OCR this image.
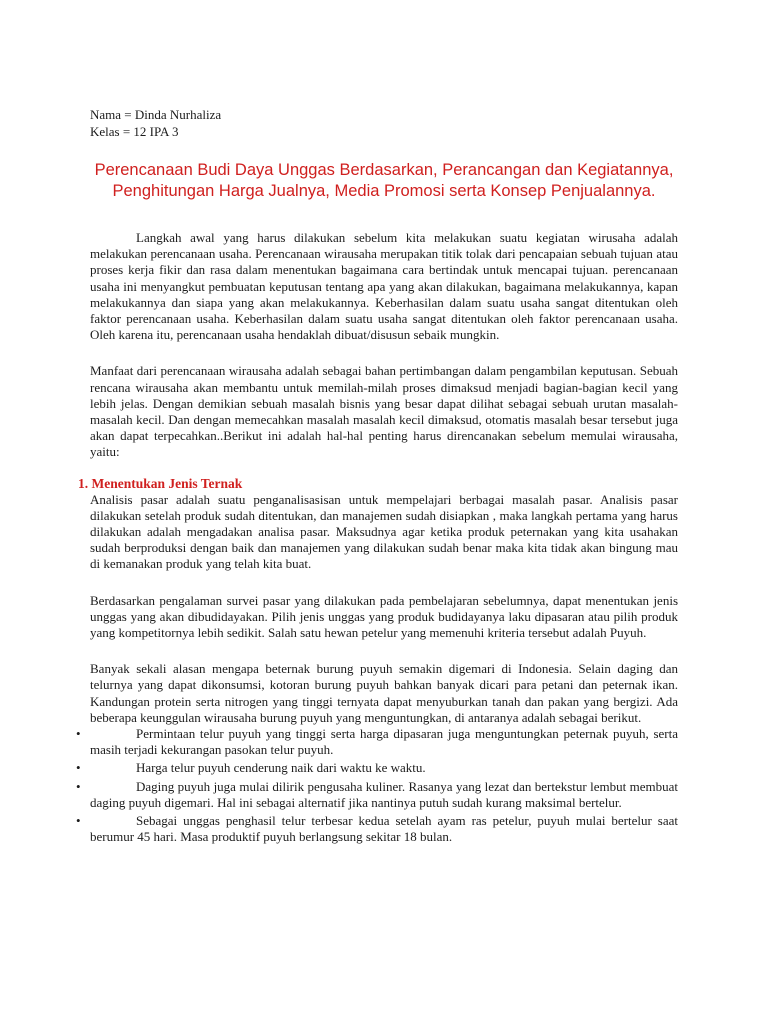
Nama = Dinda Nurhaliza

Kelas = 12 IPA 3

Perencanaan Budi Daya Unggas Berdasarkan, Perancangan dan Kegiatannya, Penghitungan Harga Jualnya, Media Promosi serta Konsep Penjualannya.

Langkah awal yang harus dilakukan sebelum kita melakukan suatu kegiatan wirusaha adalah melakukan perencanaan usaha. Perencanaan wirausaha merupakan titik tolak dari pencapaian sebuah tujuan atau proses kerja fikir dan rasa dalam menentukan bagaimana cara bertindak untuk mencapai tujuan. perencanaan usaha ini menyangkut pembuatan keputusan tentang apa yang akan dilakukan, bagaimana melakukannya, kapan melakukannya dan siapa yang akan melakukannya. Keberhasilan dalam suatu usaha sangat ditentukan oleh faktor perencanaan usaha. Keberhasilan dalam suatu usaha sangat ditentukan oleh faktor perencanaan usaha. Oleh karena itu, perencanaan usaha hendaklah dibuat/disusun sebaik mungkin.

Manfaat dari perencanaan wirausaha adalah sebagai bahan pertimbangan dalam pengambilan keputusan. Sebuah rencana wirausaha akan membantu untuk memilah-milah proses dimaksud menjadi bagian-bagian kecil yang lebih jelas. Dengan demikian sebuah masalah bisnis yang besar dapat dilihat sebagai sebuah urutan masalah-masalah kecil. Dan dengan memecahkan masalah masalah kecil dimaksud, otomatis masalah besar tersebut juga akan dapat terpecahkan..Berikut ini adalah hal-hal penting harus direncanakan sebelum memulai wirausaha, yaitu:

1. Menentukan Jenis Ternak

Analisis pasar adalah suatu penganalisasisan untuk mempelajari berbagai masalah pasar. Analisis pasar dilakukan setelah produk sudah ditentukan, dan manajemen sudah disiapkan , maka langkah pertama yang harus dilakukan adalah mengadakan analisa pasar. Maksudnya agar ketika produk peternakan yang kita usahakan sudah berproduksi dengan baik dan manajemen yang dilakukan sudah benar maka kita tidak akan bingung mau di kemanakan produk yang telah kita buat.

Berdasarkan pengalaman survei pasar yang dilakukan pada pembelajaran sebelumnya, dapat menentukan jenis unggas yang akan dibudidayakan. Pilih jenis unggas yang produk budidayanya laku dipasaran atau pilih produk yang kompetitornya lebih sedikit. Salah satu hewan petelur yang memenuhi kriteria tersebut adalah Puyuh.

Banyak sekali alasan mengapa beternak burung puyuh semakin digemari di Indonesia. Selain daging dan telurnya yang dapat dikonsumsi, kotoran burung puyuh bahkan banyak dicari para petani dan peternak ikan. Kandungan protein serta nitrogen yang tinggi ternyata dapat menyuburkan tanah dan pakan yang bergizi. Ada beberapa keunggulan wirausaha burung puyuh yang menguntungkan, di antaranya adalah sebagai berikut.

•	Permintaan telur puyuh yang tinggi serta harga dipasaran juga menguntungkan peternak puyuh, serta masih terjadi kekurangan pasokan telur puyuh.
•	Harga telur puyuh cenderung naik dari waktu ke waktu.
•	Daging puyuh juga mulai dilirik pengusaha kuliner. Rasanya yang lezat dan bertekstur lembut membuat daging puyuh digemari. Hal ini sebagai alternatif jika nantinya putuh sudah kurang maksimal bertelur.
•	Sebagai unggas penghasil telur terbesar kedua setelah ayam ras petelur, puyuh mulai bertelur saat berumur 45 hari. Masa produktif puyuh berlangsung sekitar 18 bulan.
